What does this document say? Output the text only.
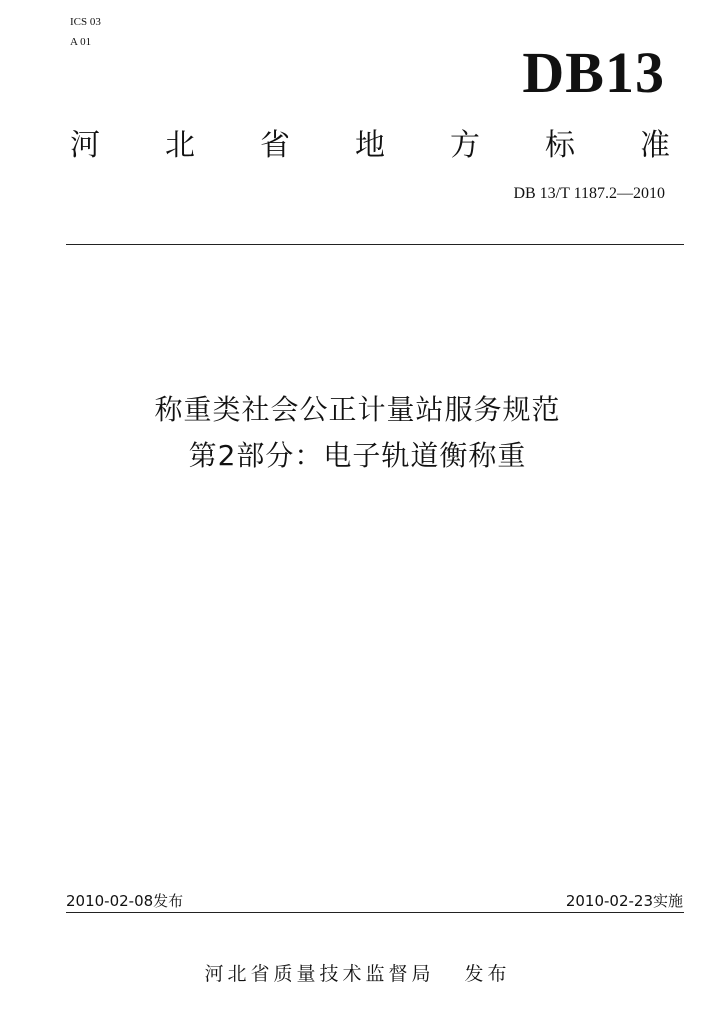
ICS 03
A 01	DB13
河 北 省 地 方 标 准
DB 13/T 1187.2—2010
称重类社会公正计量站服务规范
第2部分：电子轨道衡称重
2010-02-08发布	2010-02-23实施
河北省质量技术监督局 发布
